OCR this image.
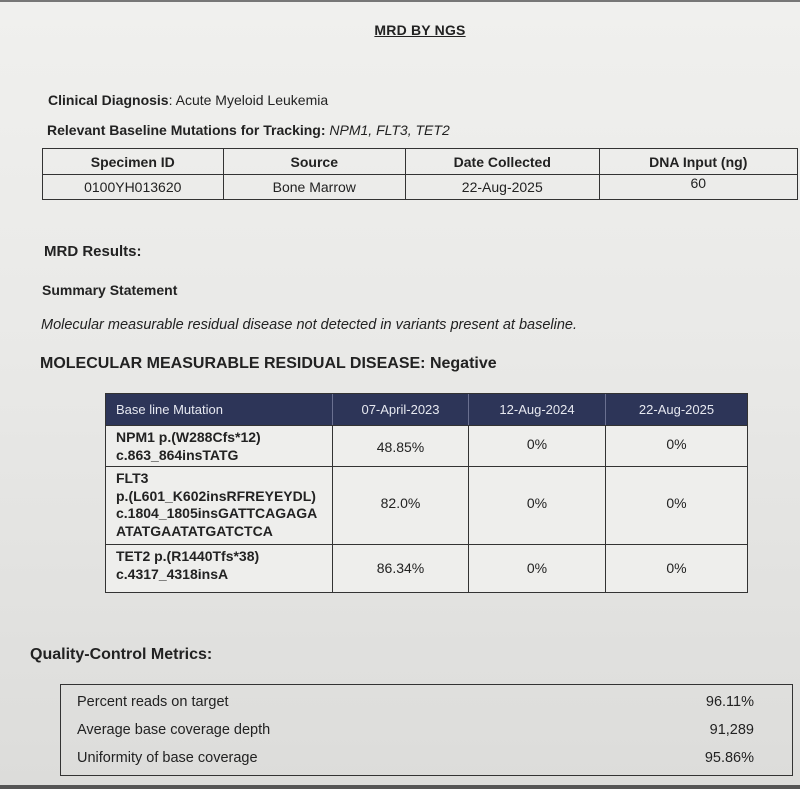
MRD BY NGS
Clinical Diagnosis: Acute Myeloid Leukemia
Relevant Baseline Mutations for Tracking: NPM1, FLT3, TET2
Specimen ID	Source	Date Collected	DNA Input (ng)
0100YH013620	Bone Marrow	22-Aug-2025	60
MRD Results:
Summary Statement
Molecular measurable residual disease not detected in variants present at baseline.
MOLECULAR MEASURABLE RESIDUAL DISEASE: Negative
Base line Mutation	07-April-2023	12-Aug-2024	22-Aug-2025
NPM1 p.(W288Cfs*12)
c.863_864insTATG	48.85%	0%	0%
FLT3
p.(L601_K602insRFREYEYDL)
c.1804_1805insGATTCAGAGA
ATATGAATATGATCTCA
82.0%	0%	0%
TET2 p.(R1440Tfs*38)
c.4317_4318insA	86.34%	0%	0%
Quality-Control Metrics:
Percent reads on target	96.11%
Average base coverage depth	91,289
Uniformity of base coverage	95.86%
